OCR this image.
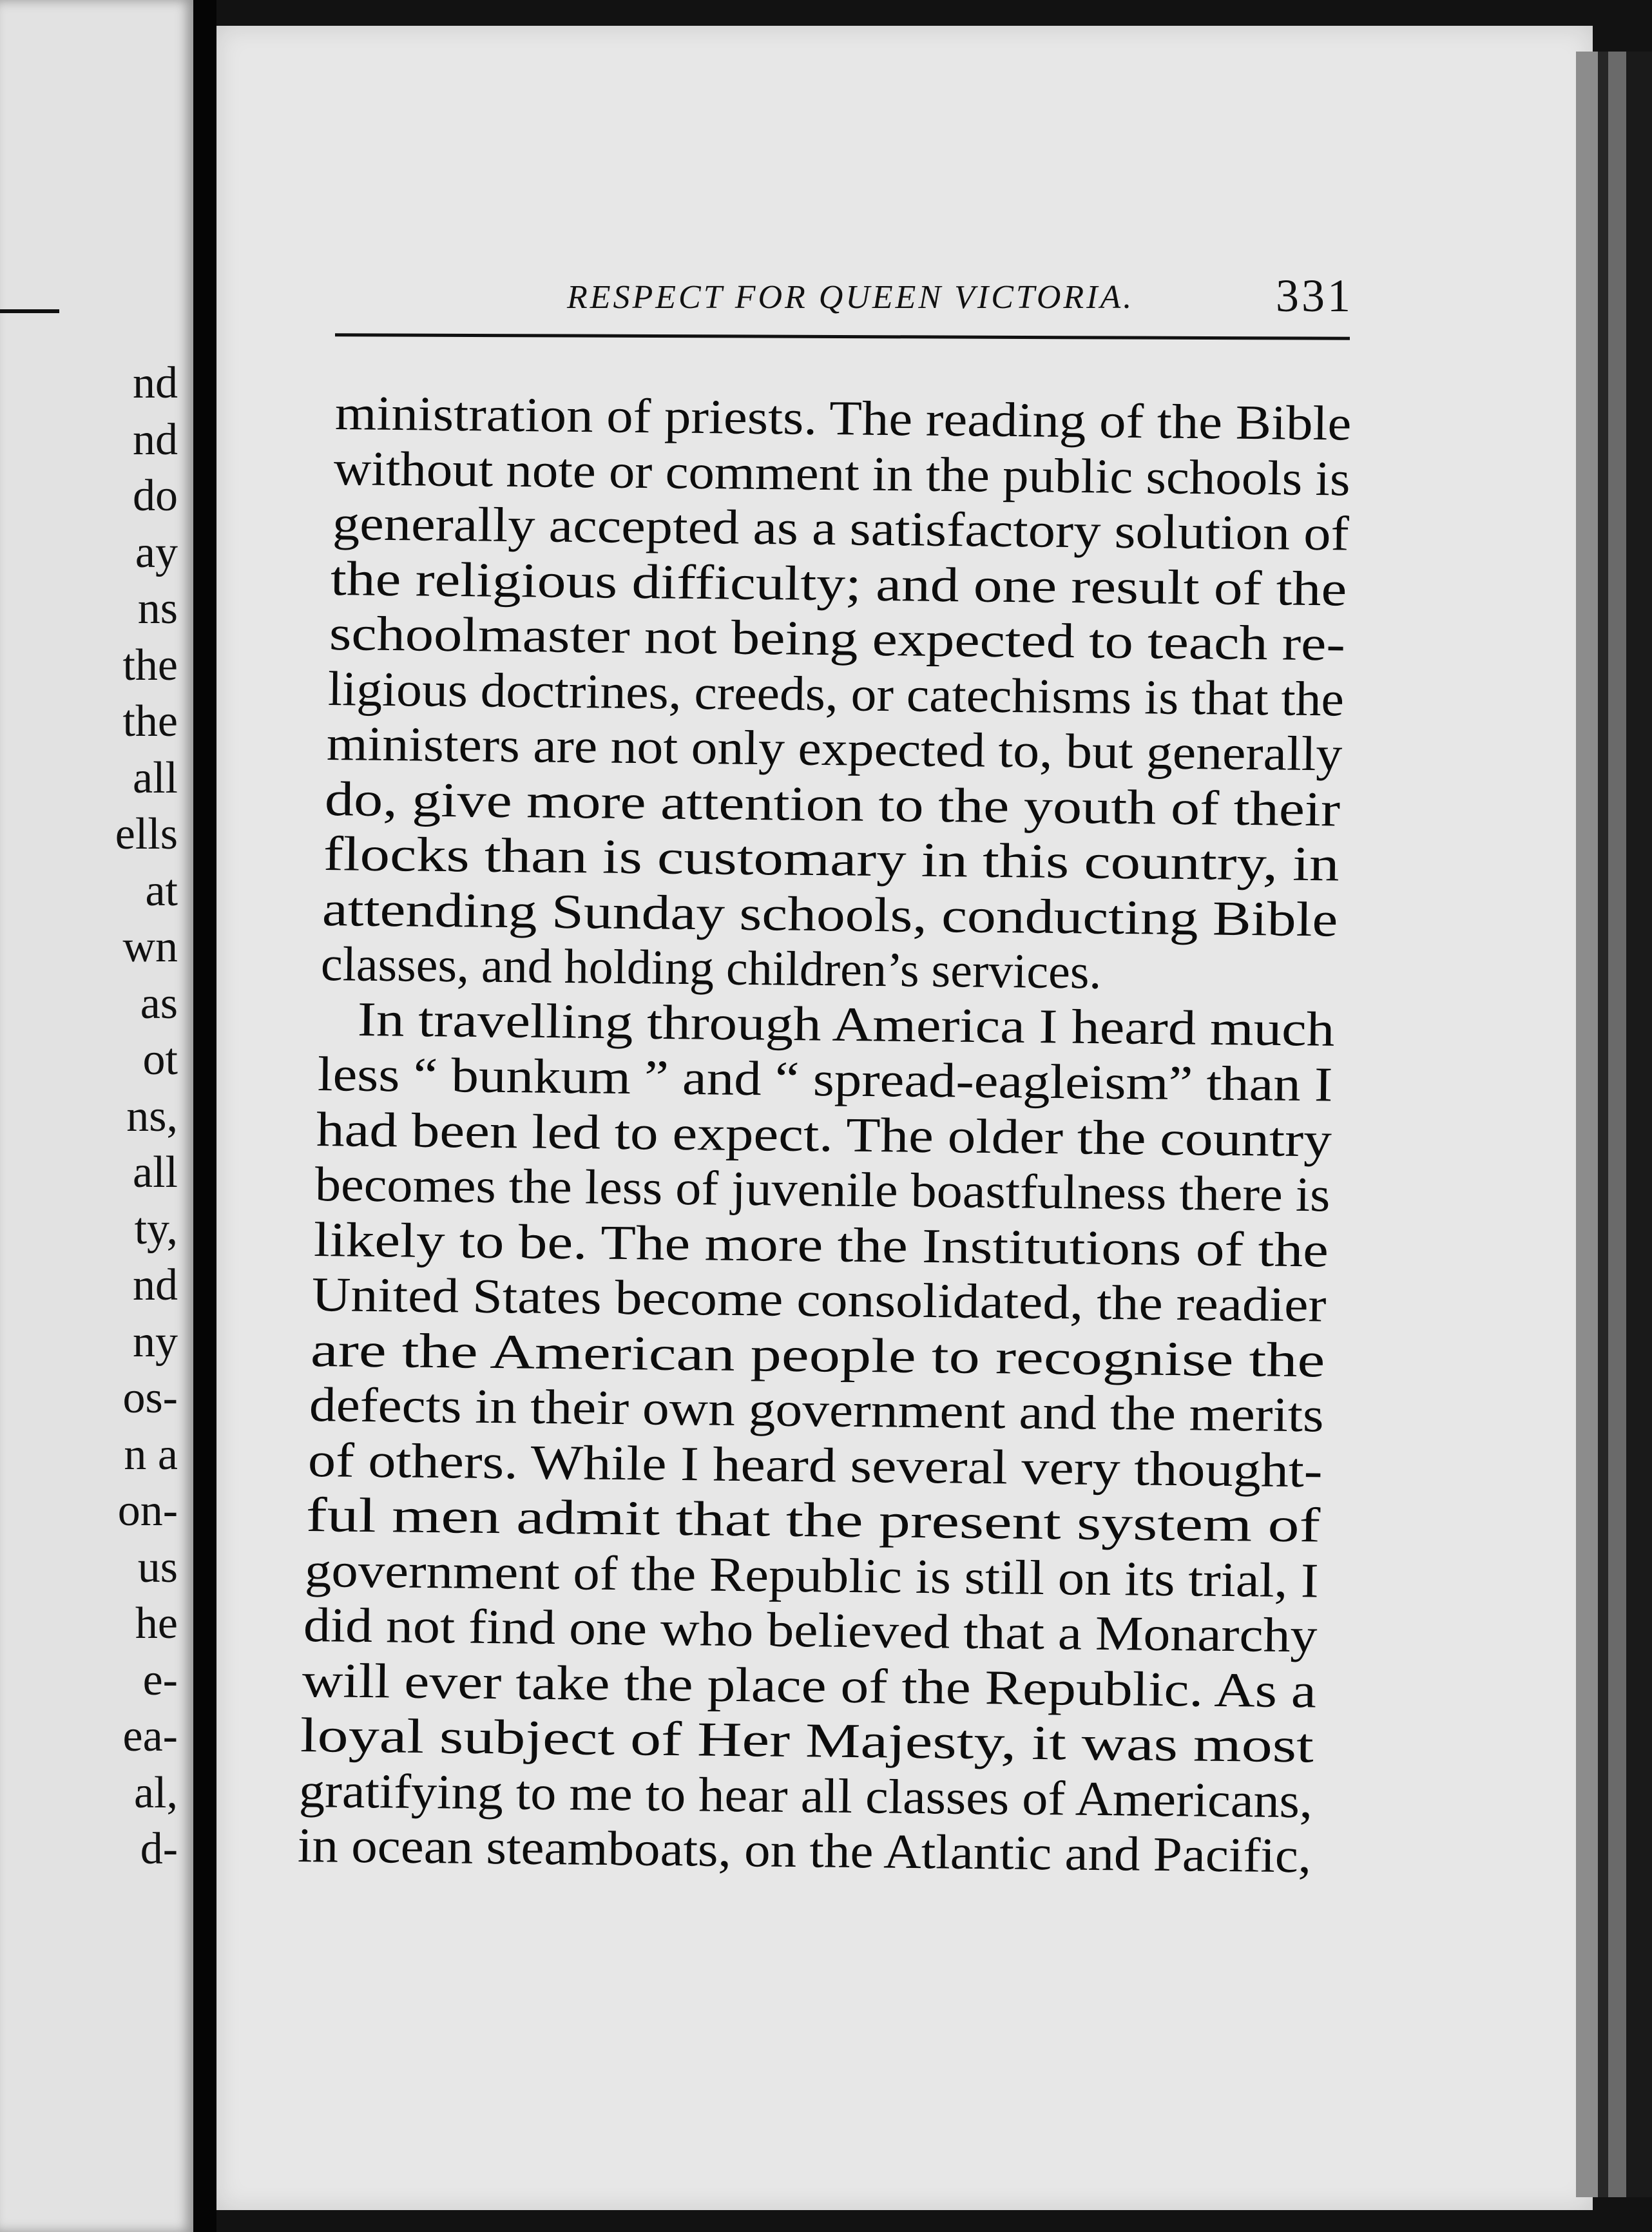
nd
nd
do
ay
ns
the
the
all
ells
at
wn
as
ot
ns,
all
ty,
nd
ny
os-
n a
on-
us
he
e-
ea-
al,
d-
RESPECT FOR QUEEN VICTORIA.	331
ministration of priests. The reading of the Bible
without note or comment in the public schools is
generally accepted as a satisfactory solution of
the religious difficulty; and one result of the
schoolmaster not being expected to teach re-
ligious doctrines, creeds, or catechisms is that the
ministers are not only expected to, but generally
do, give more attention to the youth of their
flocks than is customary in this country, in
attending Sunday schools, conducting Bible
classes, and holding children’s services.
In travelling through America I heard much
less “ bunkum ” and “ spread-eagleism” than I
had been led to expect. The older the country
becomes the less of juvenile boastfulness there is
likely to be. The more the Institutions of the
United States become consolidated, the readier
are the American people to recognise the
defects in their own government and the merits
of others. While I heard several very thought-
ful men admit that the present system of
government of the Republic is still on its trial, I
did not find one who believed that a Monarchy
will ever take the place of the Republic. As a
loyal subject of Her Majesty, it was most
gratifying to me to hear all classes of Americans,
in ocean steamboats, on the Atlantic and Pacific,
